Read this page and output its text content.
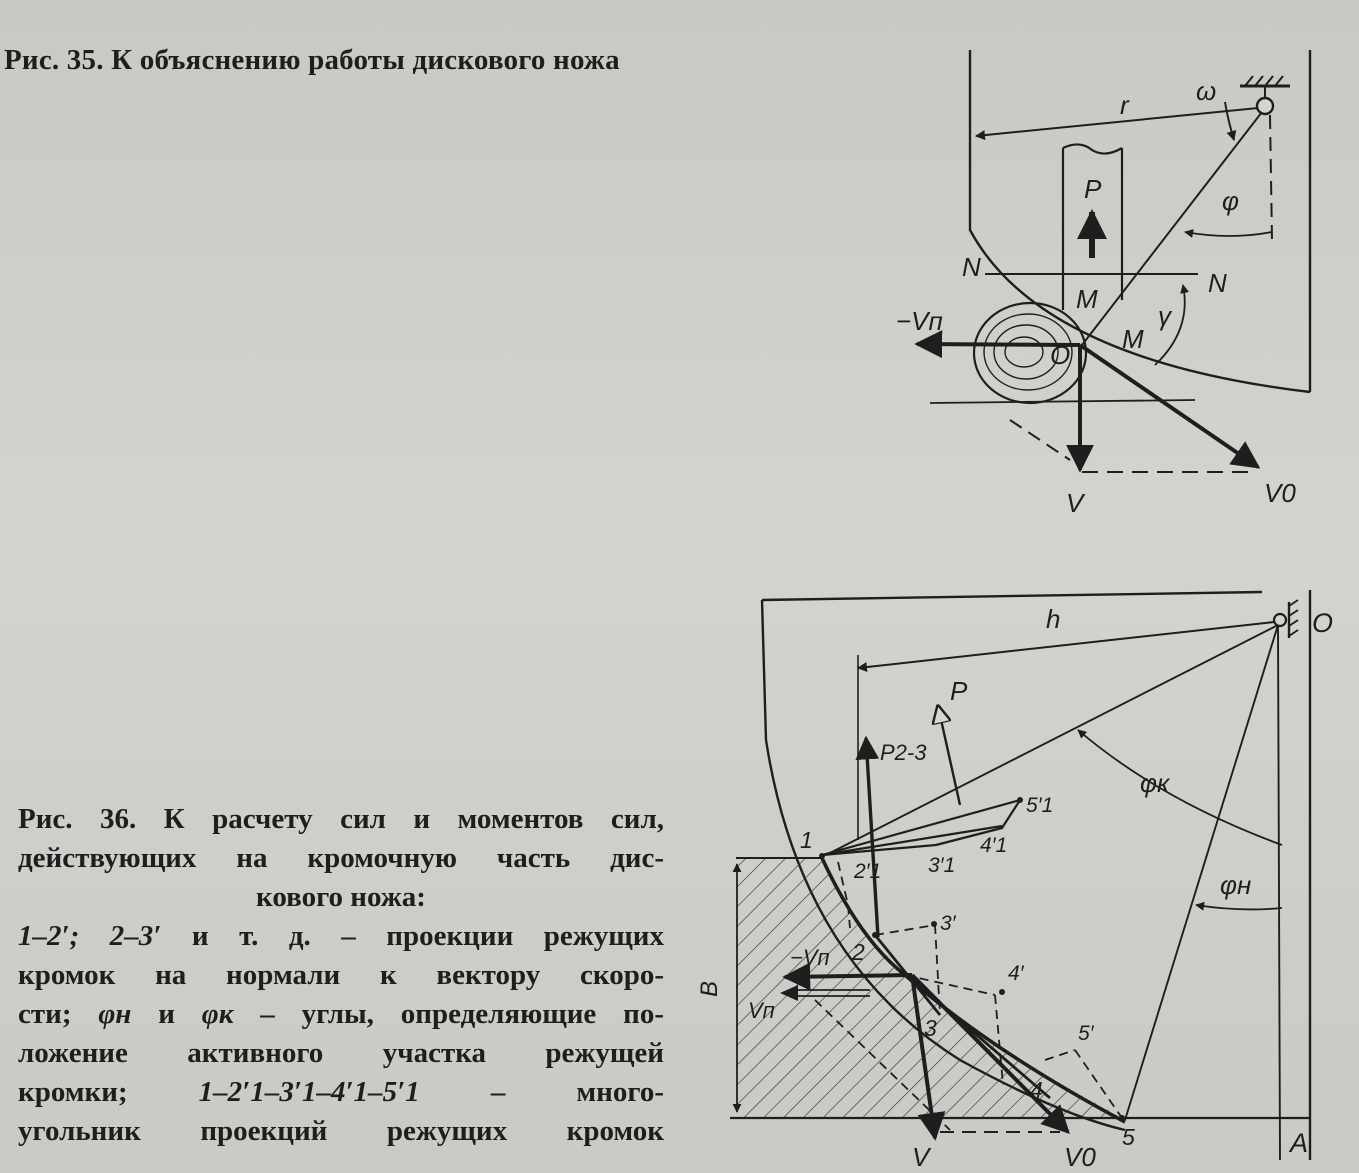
Рис. 35. К объяснению работы дискового ножа
Рис. 36. К расчету сил и моментов сил,
действующих на кромочную часть дис-
кового ножа:
1–2′; 2–3′ и т. д. – проекции режущих
кромок на нормали к вектору скоро-
сти; φн и φк – углы, определяющие по-
ложение активного участка режущей
кромки; 1–2′1–3′1–4′1–5′1 – много-
угольник проекций режущих кромок
r	ω
φ
P
N
N
M
M
γ
−Vп
O
V	V0
h	O
P
P2-3
φк
φн
B
−Vп
Vп
V	V0	A
1
2
3
4
5
2′1
3′
3′1
4′1
5′1
4′
5′
